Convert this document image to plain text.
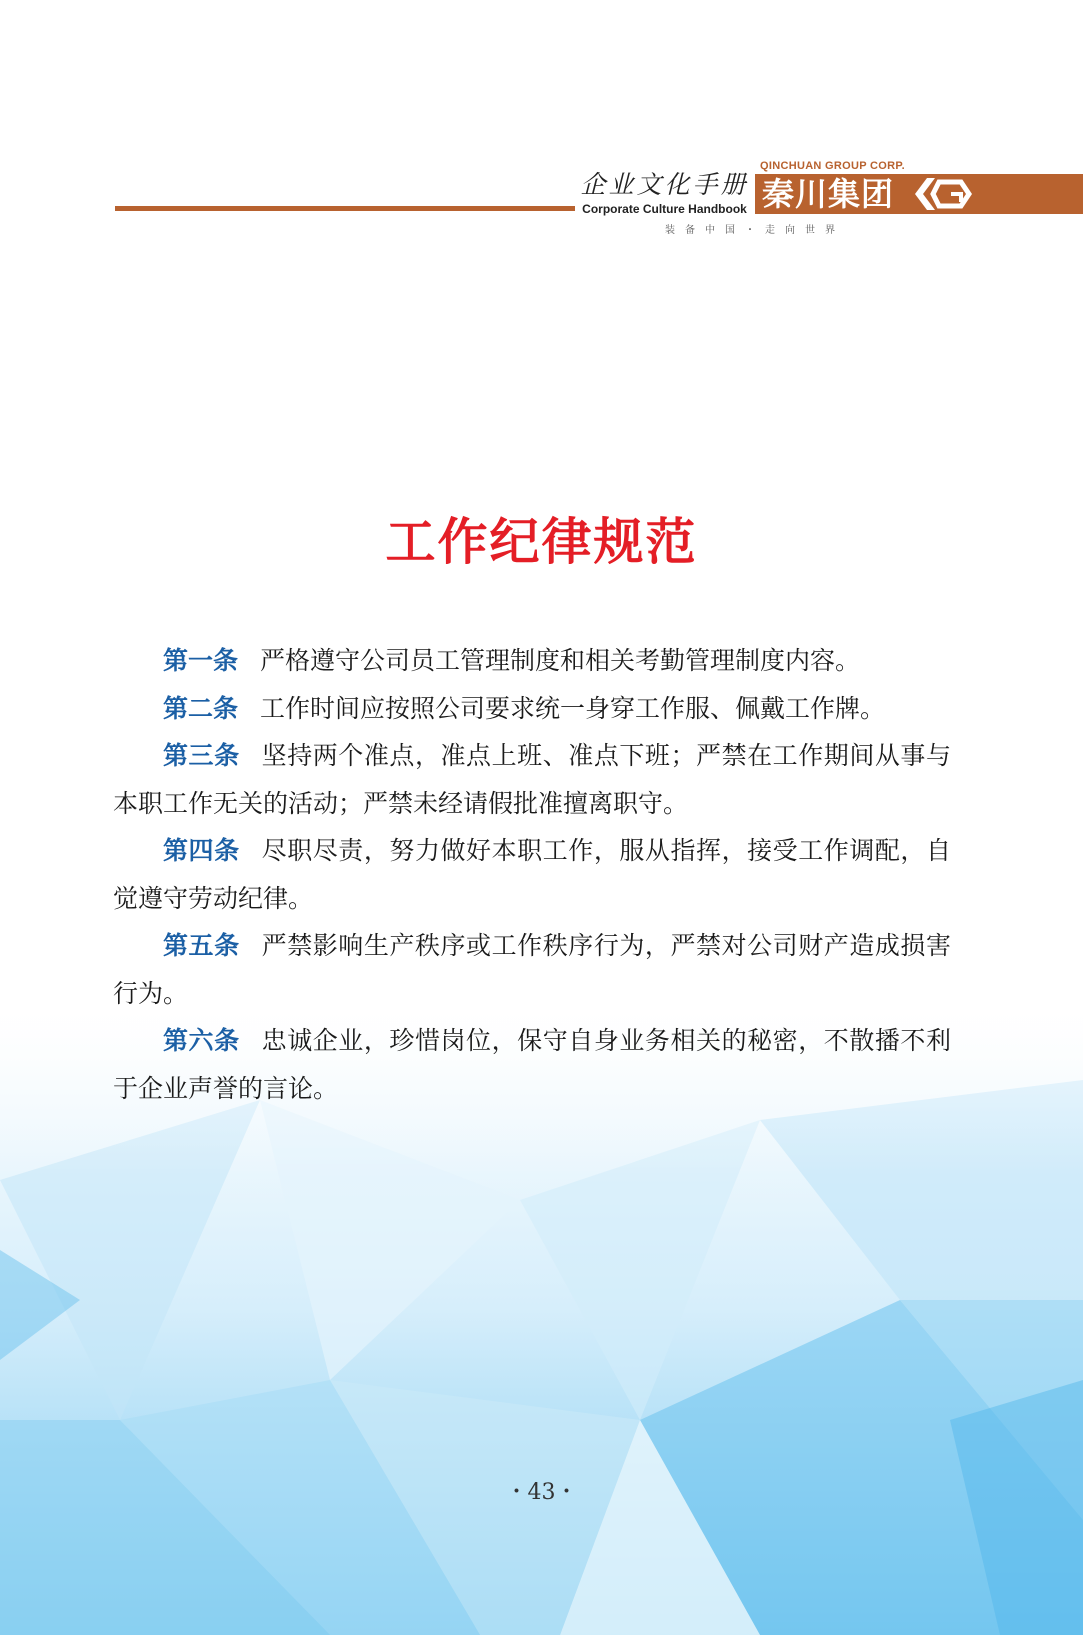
企业文化手册
Corporate Culture Handbook
QINCHUAN GROUP CORP.
秦川集团
装备中国・走向世界
工作纪律规范

第一条 严格遵守公司员工管理制度和相关考勤管理制度内容。

第二条 工作时间应按照公司要求统一身穿工作服、佩戴工作牌。

第三条 坚持两个准点，准点上班、准点下班；严禁在工作期间从事与本职工作无关的活动；严禁未经请假批准擅离职守。

第四条 尽职尽责，努力做好本职工作，服从指挥，接受工作调配，自觉遵守劳动纪律。

第五条 严禁影响生产秩序或工作秩序行为，严禁对公司财产造成损害行为。

第六条 忠诚企业，珍惜岗位，保守自身业务相关的秘密，不散播不利于企业声誉的言论。

・43・
